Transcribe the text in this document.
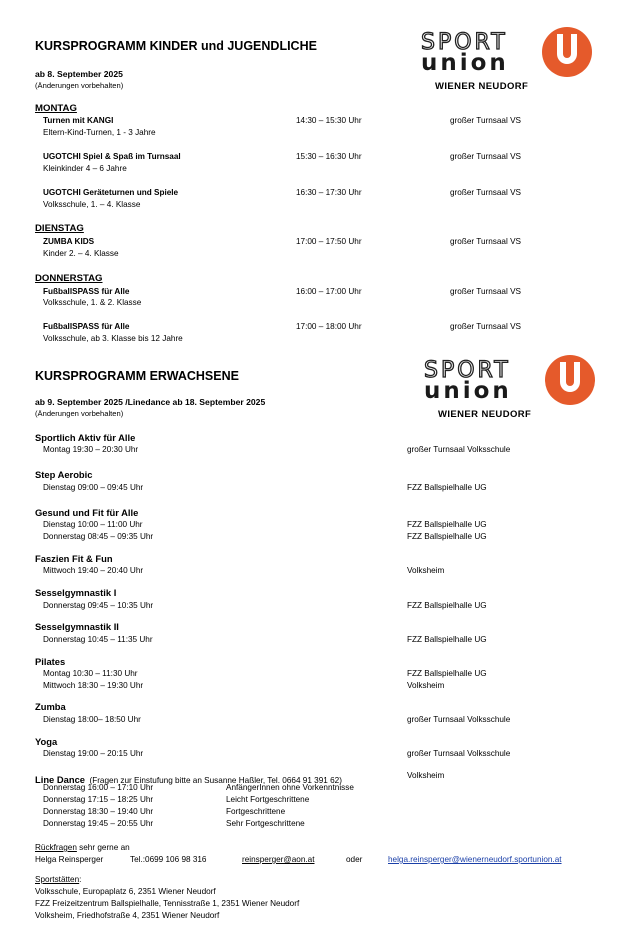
SPORT
union
WIENER NEUDORF
KURSPROGRAMM KINDER und JUGENDLICHE
ab 8. September 2025
(Änderungen vorbehalten)
MONTAG
Turnen mit KANGI
Eltern-Kind-Turnen, 1 - 3 Jahre
14:30 – 15:30 Uhr	großer Turnsaal VS
UGOTCHI Spiel & Spaß im Turnsaal
Kleinkinder 4 – 6 Jahre
15:30 – 16:30 Uhr	großer Turnsaal VS
UGOTCHI Geräteturnen und Spiele
Volksschule, 1. – 4. Klasse
16:30 – 17:30 Uhr	großer Turnsaal VS
DIENSTAG
ZUMBA KIDS
Kinder 2. – 4. Klasse
17:00 – 17:50 Uhr	großer Turnsaal VS
DONNERSTAG
FußballSPASS für Alle
Volksschule, 1. & 2. Klasse
16:00 – 17:00 Uhr	großer Turnsaal VS
FußballSPASS für Alle
Volksschule, ab 3. Klasse bis 12 Jahre
17:00 – 18:00 Uhr	großer Turnsaal VS
SPORT
union
WIENER NEUDORF
KURSPROGRAMM ERWACHSENE
ab 9. September 2025 /Linedance ab 18. September 2025
(Änderungen vorbehalten)
Sportlich Aktiv für Alle
Montag 19:30 – 20:30 Uhr	großer Turnsaal Volksschule
Step Aerobic
Dienstag 09:00 – 09:45 Uhr	FZZ Ballspielhalle UG
Gesund und Fit für Alle
Dienstag 10:00 – 11:00 Uhr	FZZ Ballspielhalle UG
Donnerstag 08:45 – 09:35 Uhr	FZZ Ballspielhalle UG
Faszien Fit & Fun
Mittwoch 19:40 – 20:40 Uhr	Volksheim
Sesselgymnastik I
Donnerstag 09:45 – 10:35 Uhr	FZZ Ballspielhalle UG
Sesselgymnastik II
Donnerstag 10:45 – 11:35 Uhr	FZZ Ballspielhalle UG
Pilates
Montag 10:30 – 11:30 Uhr	FZZ Ballspielhalle UG
Mittwoch 18:30 – 19:30 Uhr	Volksheim
Zumba
Dienstag 18:00– 18:50 Uhr	großer Turnsaal Volksschule
Yoga
Dienstag 19:00 – 20:15 Uhr	großer Turnsaal Volksschule
Line Dance (Fragen zur Einstufung bitte an Susanne Haßler, Tel. 0664 91 391 62)
Volksheim
Donnerstag 16:00 – 17:10 Uhr	AnfängerInnen ohne Vorkenntnisse
Donnerstag 17:15 – 18:25 Uhr	Leicht Fortgeschrittene
Donnerstag 18:30 – 19:40 Uhr	Fortgeschrittene
Donnerstag 19:45 – 20:55 Uhr	Sehr Fortgeschrittene
Rückfragen sehr gerne an
Helga Reinsperger	Tel.:0699 106 98 316	reinsperger@aon.at	oder	helga.reinsperger@wienerneudorf.sportunion.at
Sportstätten:
Volksschule, Europaplatz 6, 2351 Wiener Neudorf
FZZ Freizeitzentrum Ballspielhalle, Tennisstraße 1, 2351 Wiener Neudorf
Volksheim, Friedhofstraße 4, 2351 Wiener Neudorf
